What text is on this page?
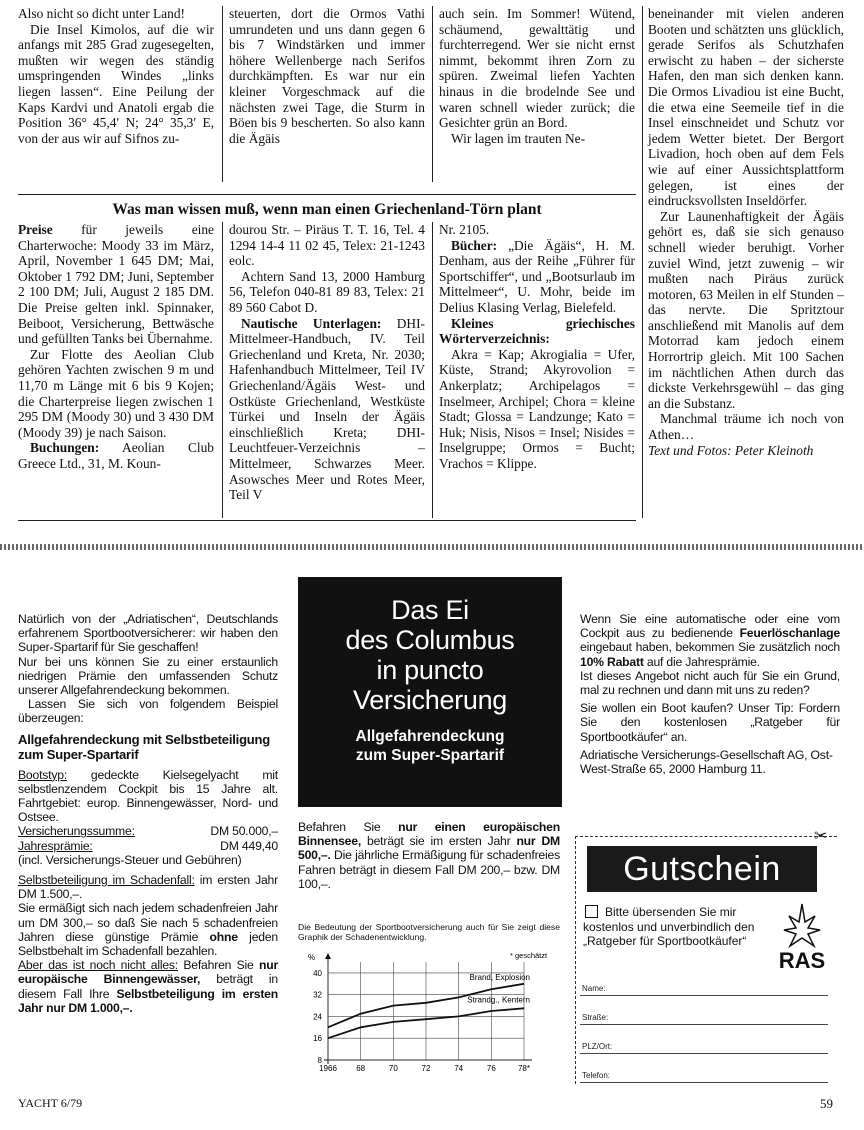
Also nicht so dicht unter Land!

Die Insel Kimolos, auf die wir anfangs mit 285 Grad zugesegelten, mußten wir wegen des ständig umspringenden Windes „links liegen lassen“. Eine Peilung der Kaps Kardvi und Anatoli ergab die Position 36° 45,4′ N; 24° 35,3′ E, von der aus wir auf Sifnos zu-

steuerten, dort die Ormos Vathi umrundeten und uns dann gegen 6 bis 7 Windstärken und immer höhere Wellenberge nach Serifos durchkämpften. Es war nur ein kleiner Vorgeschmack auf die nächsten zwei Tage, die Sturm in Böen bis 9 bescherten. So also kann die Ägäis

auch sein. Im Sommer! Wütend, schäumend, gewalttätig und furchterregend. Wer sie nicht ernst nimmt, bekommt ihren Zorn zu spüren. Zweimal liefen Yachten hinaus in die brodelnde See und waren schnell wieder zurück; die Gesichter grün an Bord.

Wir lagen im trauten Ne-

beneinander mit vielen anderen Booten und schätzten uns glücklich, gerade Serifos als Schutzhafen erwischt zu haben – der sicherste Hafen, den man sich denken kann. Die Ormos Livadiou ist eine Bucht, die etwa eine Seemeile tief in die Insel einschneidet und Schutz vor jedem Wetter bietet. Der Bergort Livadion, hoch oben auf dem Fels wie auf einer Aussichtsplattform gelegen, ist eines der eindrucksvollsten Inseldörfer.

Zur Launenhaftigkeit der Ägäis gehört es, daß sie sich genauso schnell wieder beruhigt. Vorher zuviel Wind, jetzt zuwenig – wir mußten nach Piräus zurück motoren, 63 Meilen in elf Stunden – das nervte. Die Spritztour anschließend mit Manolis auf dem Motorrad kam jedoch einem Horrortrip gleich. Mit 100 Sachen im nächtlichen Athen durch das dickste Verkehrsgewühl – das ging an die Substanz.

Manchmal träume ich noch von Athen…

Text und Fotos: Peter Kleinoth

Was man wissen muß, wenn man einen Griechenland-Törn plant

Preise für jeweils eine Charterwoche: Moody 33 im März, April, November 1 645 DM; Mai, Oktober 1 792 DM; Juni, September 2 100 DM; Juli, August 2 185 DM. Die Preise gelten inkl. Spinnaker, Beiboot, Versicherung, Bettwäsche und gefüllten Tanks bei Übernahme.

Zur Flotte des Aeolian Club gehören Yachten zwischen 9 m und 11,70 m Länge mit 6 bis 9 Kojen; die Charterpreise liegen zwischen 1 295 DM (Moody 30) und 3 430 DM (Moody 39) je nach Saison.

Buchungen: Aeolian Club Greece Ltd., 31, M. Koun-

dourou Str. – Piräus T. T. 16, Tel. 4 1294 14-4 11 02 45, Telex: 21-1243 eolc.

Achtern Sand 13, 2000 Hamburg 56, Telefon 040-81 89 83, Telex: 21 89 560 Cabot D.

Nautische Unterlagen: DHI-Mittelmeer-Handbuch, IV. Teil Griechenland und Kreta, Nr. 2030; Hafenhandbuch Mittelmeer, Teil IV Griechenland/Ägäis West- und Ostküste Griechenland, Westküste Türkei und Inseln der Ägäis einschließlich Kreta; DHI-Leuchtfeuer-Verzeichnis – Mittelmeer, Schwarzes Meer. Asowsches Meer und Rotes Meer, Teil V

Nr. 2105.

Bücher: „Die Ägäis“, H. M. Denham, aus der Reihe „Führer für Sportschiffer“, und „Bootsurlaub im Mittelmeer“, U. Mohr, beide im Delius Klasing Verlag, Bielefeld.

Kleines griechisches Wörterverzeichnis:

Akra = Kap; Akrogialia = Ufer, Küste, Strand; Akyrovolion = Ankerplatz; Archipelagos = Inselmeer, Archipel; Chora = kleine Stadt; Glossa = Landzunge; Kato = Huk; Nisis, Nisos = Insel; Nisides = Inselgruppe; Ormos = Bucht; Vrachos = Klippe.

Natürlich von der „Adriatischen“, Deutschlands erfahrenem Sportbootversicherer: wir haben den Super-Spartarif für Sie geschaffen!

Nur bei uns können Sie zu einer erstaunlich niedrigen Prämie den umfassenden Schutz unserer Allgefahrendeckung bekommen.

Lassen Sie sich von folgendem Beispiel überzeugen:

Allgefahrendeckung mit Selbstbeteiligung zum Super-Spartarif

Bootstyp: gedeckte Kielsegelyacht mit selbstlenzendem Cockpit bis 15 Jahre alt. Fahrtgebiet: europ. Binnengewässer, Nord- und Ostsee.

Versicherungssumme:	DM 50.000,–

Jahresprämie:	DM 449,40

(incl. Versicherungs-Steuer und Gebühren)

Selbstbeteiligung im Schadenfall: im ersten Jahr DM 1.500,–.

Sie ermäßigt sich nach jedem schadenfreien Jahr um DM 300,– so daß Sie nach 5 schadenfreien Jahren diese günstige Prämie ohne jeden Selbstbehalt im Schadenfall bezahlen.

Aber das ist noch nicht alles: Befahren Sie nur europäische Binnengewässer, beträgt in diesem Fall Ihre Selbstbeteiligung im ersten Jahr nur DM 1.000,–.

Das Ei
des Columbus
in puncto
Versicherung
Allgefahrendeckung
zum Super-Spartarif

Befahren Sie nur einen europäischen Binnensee, beträgt sie im ersten Jahr nur DM 500,–. Die jährliche Ermäßigung für schadenfreies Fahren beträgt in diesem Fall DM 200,– bzw. DM 100,–.

Die Bedeutung der Sportbootversicherung auch für Sie zeigt diese Graphik der Schadenentwicklung.
%	* geschätzt
8
16
24
32
40
1966 68	70	72	74	76	78*
Brand, Explosion
Strandg., Kentern

Wenn Sie eine automatische oder eine vom Cockpit aus zu bedienende Feuerlöschanlage eingebaut haben, bekommen Sie zusätzlich noch 10% Rabatt auf die Jahresprämie.

Ist dieses Angebot nicht auch für Sie ein Grund, mal zu rechnen und dann mit uns zu reden?

Sie wollen ein Boot kaufen? Unser Tip: Fordern Sie den kostenlosen „Ratgeber für Sportbootkäufer“ an.

Adriatische Versicherungs-Gesellschaft AG, Ost-West-Straße 65, 2000 Hamburg 11.

✂
Gutschein
Bitte übersenden Sie mir kostenlos und unverbindlich den „Ratgeber für Sportbootkäufer“
RAS
Name:
Straße:
PLZ/Ort:
Telefon:
YACHT 6/79	59
